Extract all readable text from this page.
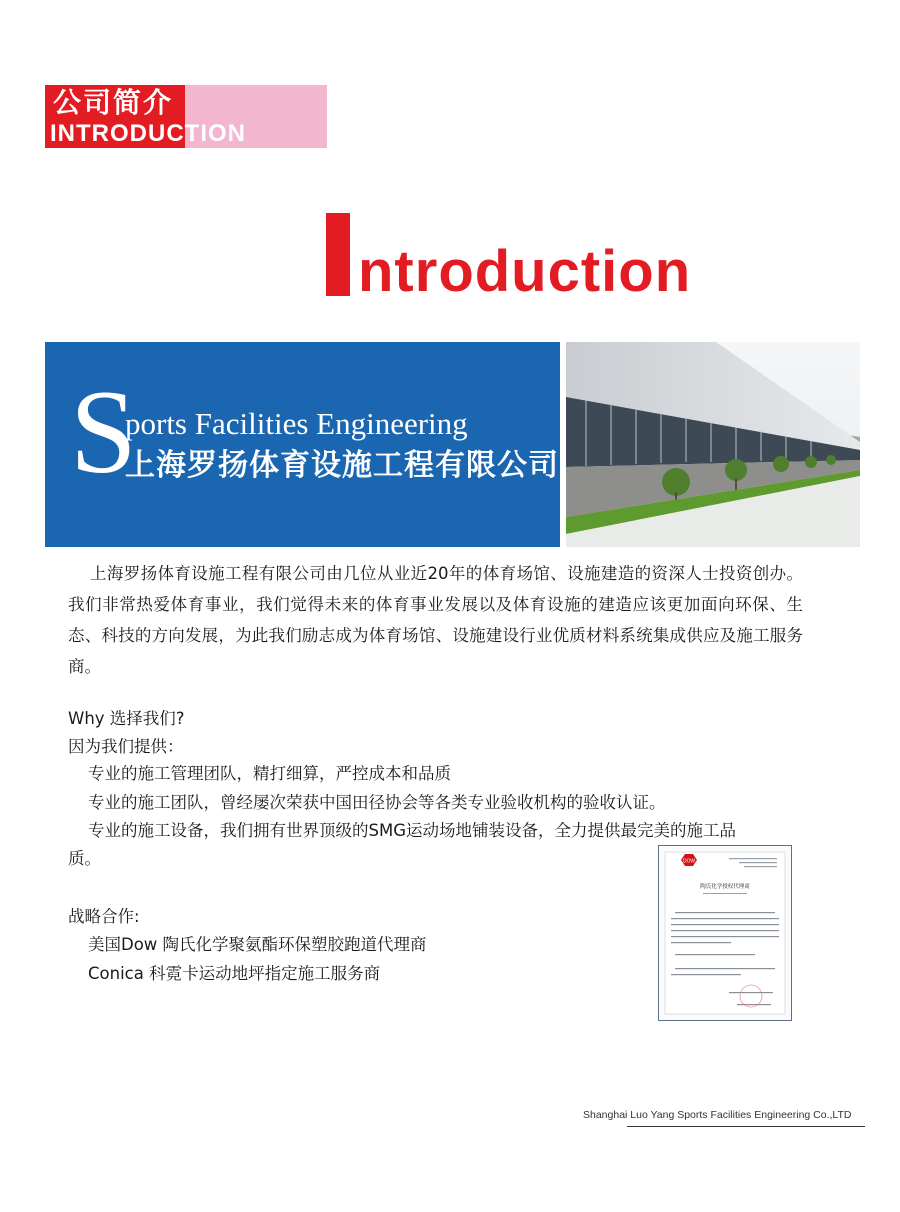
公司简介
INTRODUCTION
ntroduction
S
ports Facilities Engineering
上海罗扬体育设施工程有限公司
上海罗扬体育设施工程有限公司由几位从业近20年的体育场馆、设施建造的资深人士投资创办。我们非常热爱体育事业，我们觉得未来的体育事业发展以及体育设施的建造应该更加面向环保、生态、科技的方向发展，为此我们励志成为体育场馆、设施建设行业优质材料系统集成供应及施工服务商。
Why 选择我们?
因为我们提供：
专业的施工管理团队，精打细算，严控成本和品质
专业的施工团队，曾经屡次荣获中国田径协会等各类专业验收机构的验收认证。
专业的施工设备，我们拥有世界顶级的SMG运动场地铺装设备，全力提供最完美的施工品
质。
战略合作:
美国Dow 陶氏化学聚氨酯环保塑胶跑道代理商
Conica 科霓卡运动地坪指定施工服务商
DOW
陶氏化学授权代理商
Shanghai Luo Yang Sports Facilities Engineering Co.,LTD
